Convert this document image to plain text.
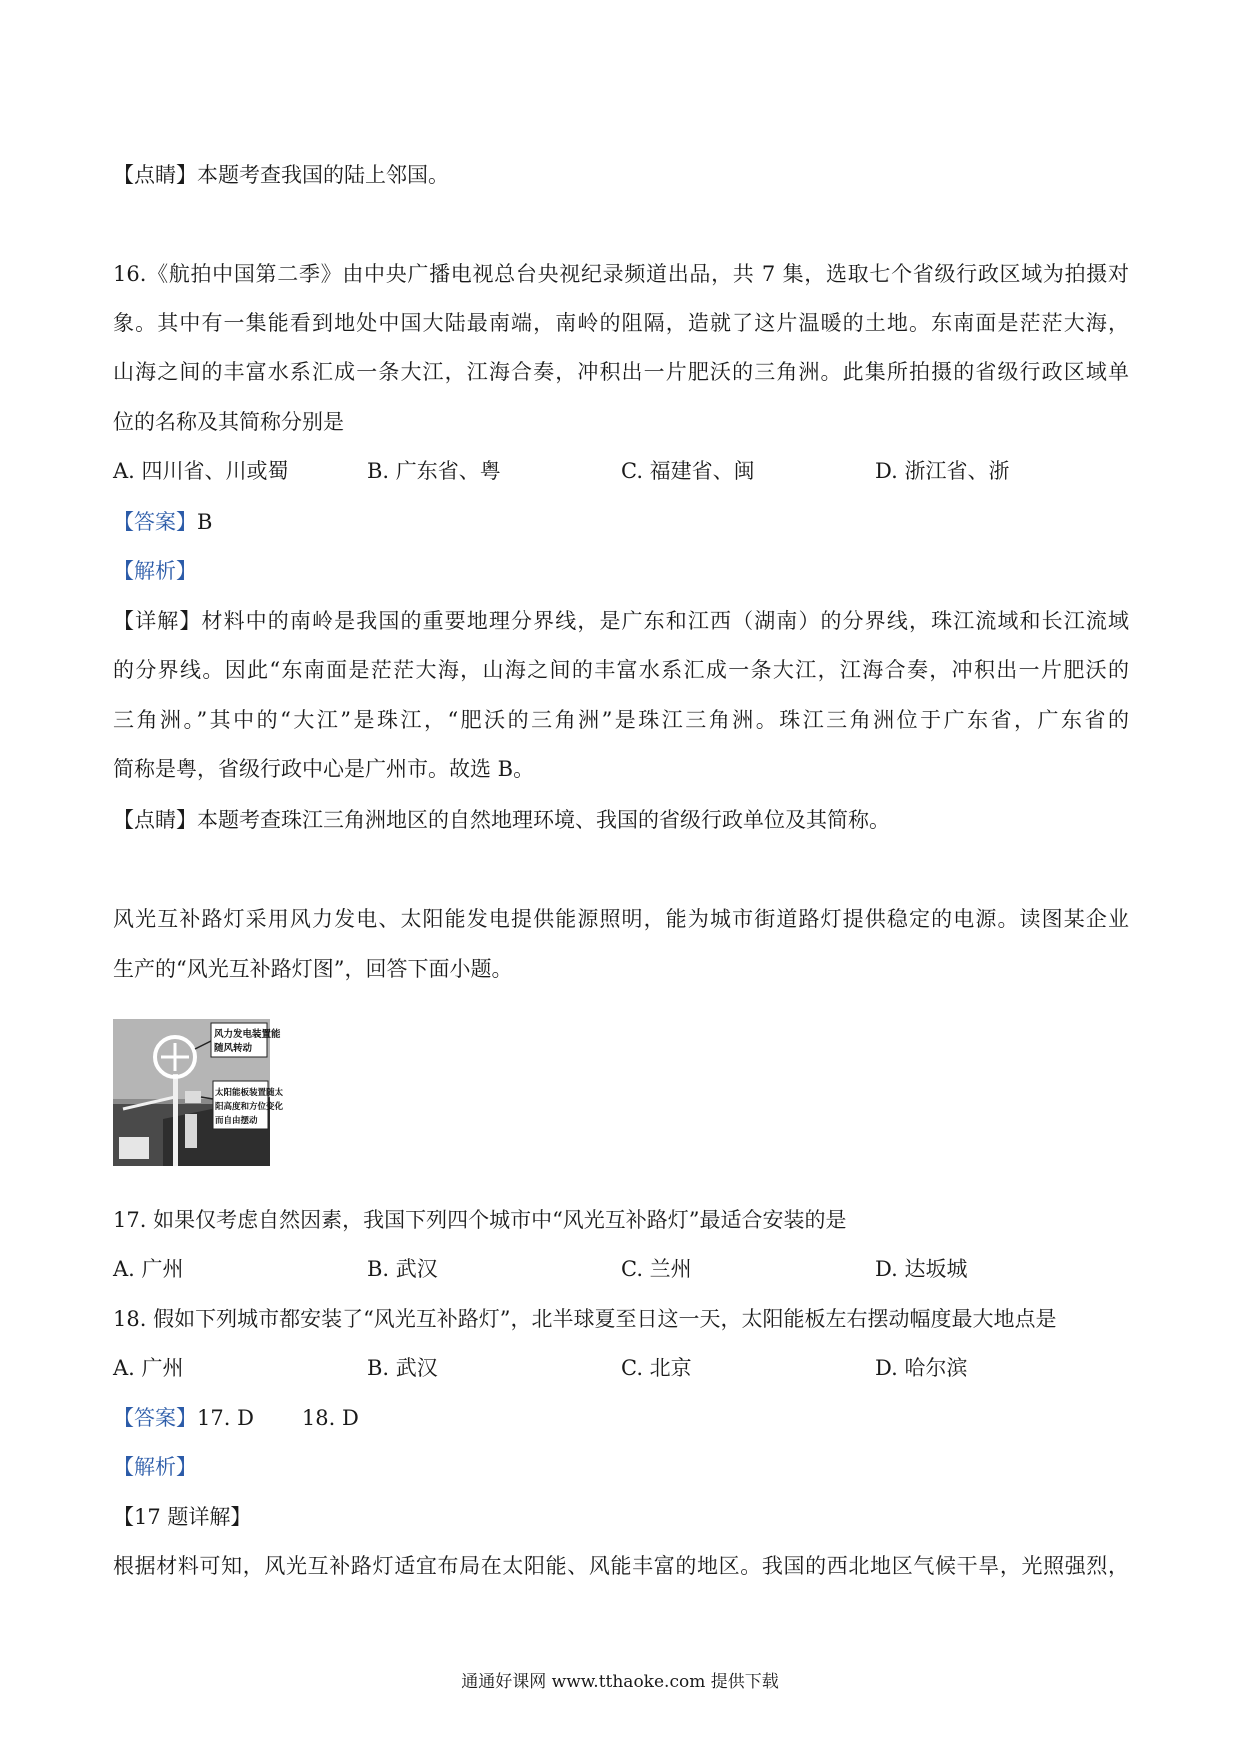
【点睛】本题考查我国的陆上邻国。
16.《航拍中国第二季》由中央广播电视总台央视纪录频道出品，共 7 集，选取七个省级行政区域为拍摄对
象。其中有一集能看到地处中国大陆最南端，南岭的阻隔，造就了这片温暖的土地。东南面是茫茫大海，
山海之间的丰富水系汇成一条大江，江海合奏，冲积出一片肥沃的三角洲。此集所拍摄的省级行政区域单
位的名称及其简称分别是
A. 四川省、川或蜀	B. 广东省、粤	C. 福建省、闽	D. 浙江省、浙
【答案】B
【解析】
【详解】材料中的南岭是我国的重要地理分界线，是广东和江西（湖南）的分界线，珠江流域和长江流域
的分界线。因此“东南面是茫茫大海，山海之间的丰富水系汇成一条大江，江海合奏，冲积出一片肥沃的
三角洲。”其中的“大江”是珠江，“肥沃的三角洲”是珠江三角洲。珠江三角洲位于广东省，广东省的
简称是粤，省级行政中心是广州市。故选 B。
【点睛】本题考查珠江三角洲地区的自然地理环境、我国的省级行政单位及其简称。
风光互补路灯采用风力发电、太阳能发电提供能源照明，能为城市街道路灯提供稳定的电源。读图某企业
生产的“风光互补路灯图”，回答下面小题。
风力发电装置能
随风转动
太阳能板装置随太
阳高度和方位变化
而自由摆动
17. 如果仅考虑自然因素，我国下列四个城市中“风光互补路灯”最适合安装的是
A. 广州	B. 武汉	C. 兰州	D. 达坂城
18. 假如下列城市都安装了“风光互补路灯”，北半球夏至日这一天，太阳能板左右摆动幅度最大地点是
A. 广州	B. 武汉	C. 北京	D. 哈尔滨
【答案】17. D 18. D
【解析】
【17 题详解】
根据材料可知，风光互补路灯适宜布局在太阳能、风能丰富的地区。我国的西北地区气候干旱，光照强烈，
通通好课网 www.tthaoke.com 提供下载
